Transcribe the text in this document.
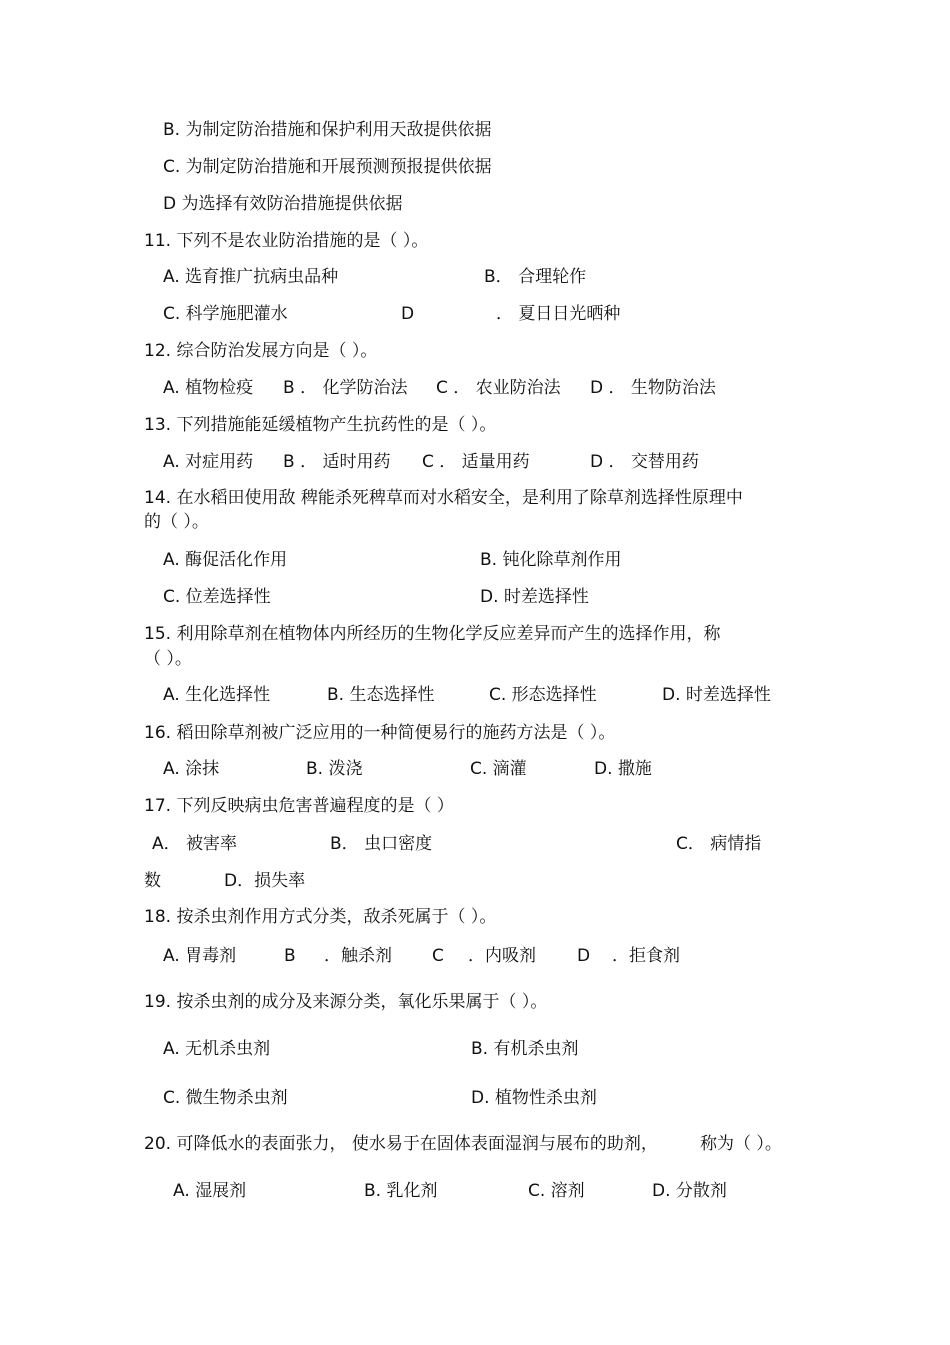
B. 为制定防治措施和保护利用天敌提供依据
C. 为制定防治措施和开展预测预报提供依据
D 为选择有效防治措施提供依据
11. 下列不是农业防治措施的是（ ）。
A. 选育推广抗病虫品种	B． 合理轮作
C. 科学施肥灌水	D	． 夏日日光晒种
12. 综合防治发展方向是（ ）。
A. 植物检疫 B ． 化学防治法 C ． 农业防治法 D ． 生物防治法
13. 下列措施能延缓植物产生抗药性的是（ ）。
A. 对症用药 B ． 适时用药 C ． 适量用药	D ． 交替用药
14. 在水稻田使用敌 稗能杀死稗草而对水稻安全，是利用了除草剂选择性原理中
的（ ）。
A. 酶促活化作用	B. 钝化除草剂作用
C. 位差选择性	D. 时差选择性
15. 利用除草剂在植物体内所经历的生物化学反应差异而产生的选择作用，称
（ ）。
A. 生化选择性	B. 生态选择性	C. 形态选择性	D. 时差选择性
16. 稻田除草剂被广泛应用的一种简便易行的施药方法是（ ）。
A. 涂抹	B. 泼浇	C. 滴灌	D. 撒施
17. 下列反映病虫危害普遍程度的是（ ）
A． 被害率	B． 虫口密度	C． 病情指
数	D．损失率
18. 按杀虫剂作用方式分类，敌杀死属于（ ）。
A. 胃毒剂	B ．触杀剂 C ．内吸剂 D ．拒食剂
19. 按杀虫剂的成分及来源分类，氧化乐果属于（ ）。
A. 无机杀虫剂	B. 有机杀虫剂
C. 微生物杀虫剂	D. 植物性杀虫剂
20. 可降低水的表面张力， 使水易于在固体表面湿润与展布的助剂， 称为（ ）。
A. 湿展剂	B. 乳化剂	C. 溶剂	D. 分散剂
